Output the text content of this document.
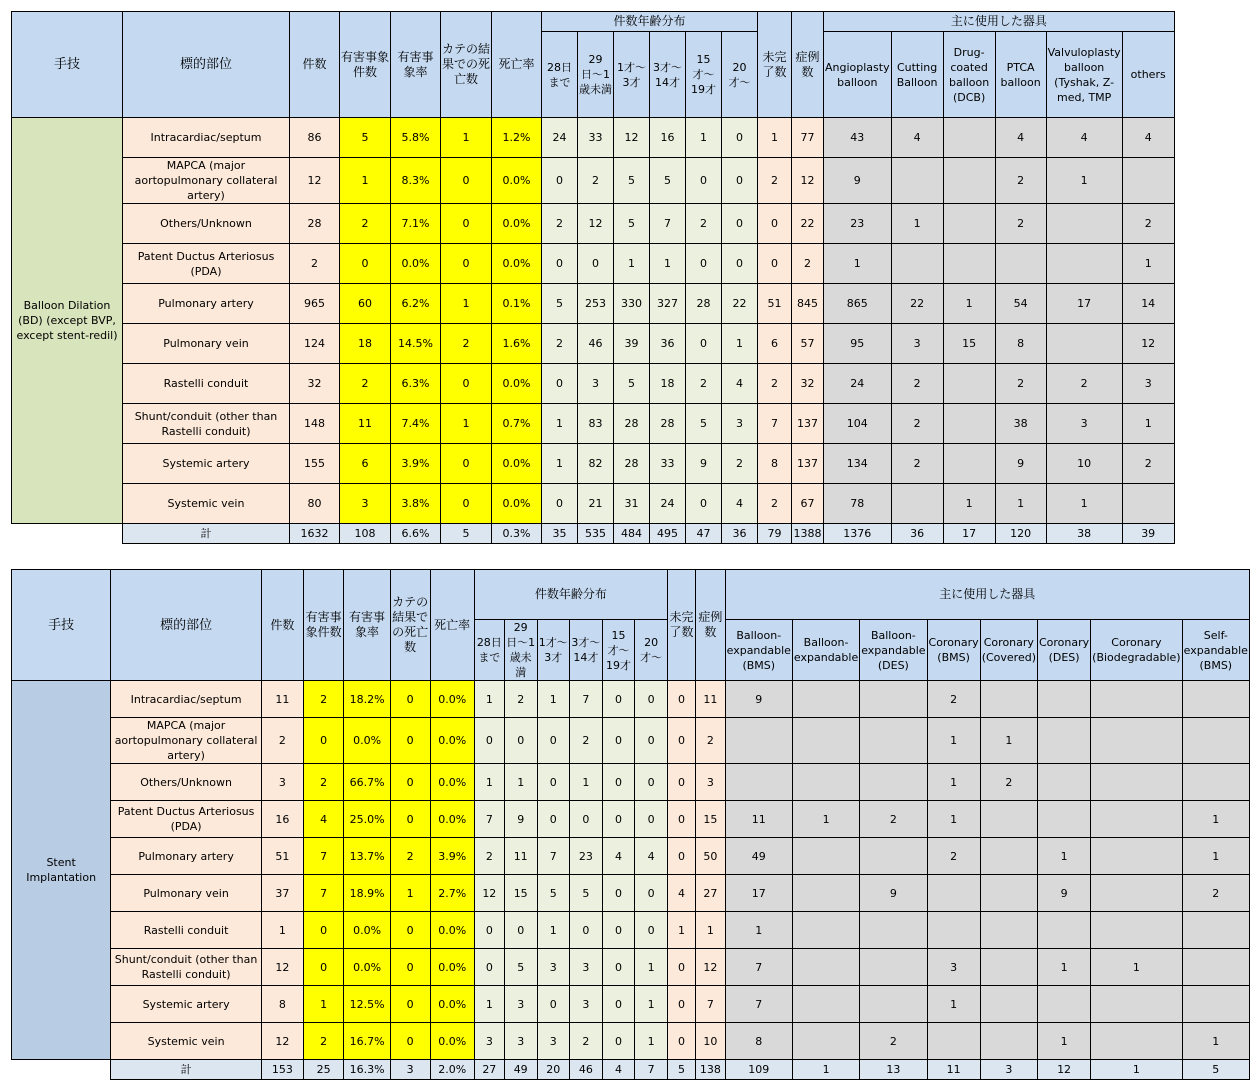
手技	標的部位	件数	有害事象件数	有害事象率	カテの結果での死亡数	死亡率	件数年齢分布						未完了数	症例数	主に使用した器具					
							28日まで	29日〜1歳未満	1才〜3才	3才〜14才	15才〜19才	20才〜			Angioplasty balloon	Cutting Balloon	Drug-coated balloon (DCB)	PTCA balloon	Valvuloplasty balloon (Tyshak, Z-med, TMP	others
Balloon Dilation (BD) (except BVP, except stent-redil)	Intracardiac/septum	86	5	5.8%	1	1.2%	24	33	12	16	1	0	1	77	43	4		4	4	4
	MAPCA (major aortopulmonary collateral artery)	12	1	8.3%	0	0.0%	0	2	5	5	0	0	2	12	9			2	1	
	Others/Unknown	28	2	7.1%	0	0.0%	2	12	5	7	2	0	0	22	23	1		2		2
	Patent Ductus Arteriosus (PDA)	2	0	0.0%	0	0.0%	0	0	1	1	0	0	0	2	1					1
	Pulmonary artery	965	60	6.2%	1	0.1%	5	253	330	327	28	22	51	845	865	22	1	54	17	14
	Pulmonary vein	124	18	14.5%	2	1.6%	2	46	39	36	0	1	6	57	95	3	15	8		12
	Rastelli conduit	32	2	6.3%	0	0.0%	0	3	5	18	2	4	2	32	24	2		2	2	3
	Shunt/conduit (other than Rastelli conduit)	148	11	7.4%	1	0.7%	1	83	28	28	5	3	7	137	104	2		38	3	1
	Systemic artery	155	6	3.9%	0	0.0%	1	82	28	33	9	2	8	137	134	2		9	10	2
	Systemic vein	80	3	3.8%	0	0.0%	0	21	31	24	0	4	2	67	78		1	1	1	
	計	1632	108	6.6%	5	0.3%	35	535	484	495	47	36	79	1388	1376	36	17	120	38	39
手技	標的部位	件数	有害事象件数	有害事象率	カテの結果での死亡数	死亡率	件数年齢分布						未完了数	症例数	主に使用した器具							
							28日まで	29日〜1歳未満	1才〜3才	3才〜14才	15才〜19才	20才〜			Balloon-expandable (BMS)	Balloon-expandable	Balloon-expandable (DES)	Coronary (BMS)	Coronary (Covered)	Coronary (DES)	Coronary (Biodegradable)	Self-expandable (BMS)
Stent Implantation	Intracardiac/septum	11	2	18.2%	0	0.0%	1	2	1	7	0	0	0	11	9			2				
	MAPCA (major aortopulmonary collateral artery)	2	0	0.0%	0	0.0%	0	0	0	2	0	0	0	2				1	1			
	Others/Unknown	3	2	66.7%	0	0.0%	1	1	0	1	0	0	0	3				1	2			
	Patent Ductus Arteriosus (PDA)	16	4	25.0%	0	0.0%	7	9	0	0	0	0	0	15	11	1	2	1				1
	Pulmonary artery	51	7	13.7%	2	3.9%	2	11	7	23	4	4	0	50	49			2		1		1
	Pulmonary vein	37	7	18.9%	1	2.7%	12	15	5	5	0	0	4	27	17		9			9		2
	Rastelli conduit	1	0	0.0%	0	0.0%	0	0	1	0	0	0	1	1	1							
	Shunt/conduit (other than Rastelli conduit)	12	0	0.0%	0	0.0%	0	5	3	3	0	1	0	12	7			3		1	1	
	Systemic artery	8	1	12.5%	0	0.0%	1	3	0	3	0	1	0	7	7			1				
	Systemic vein	12	2	16.7%	0	0.0%	3	3	3	2	0	1	0	10	8		2			1		1
	計	153	25	16.3%	3	2.0%	27	49	20	46	4	7	5	138	109	1	13	11	3	12	1	5
